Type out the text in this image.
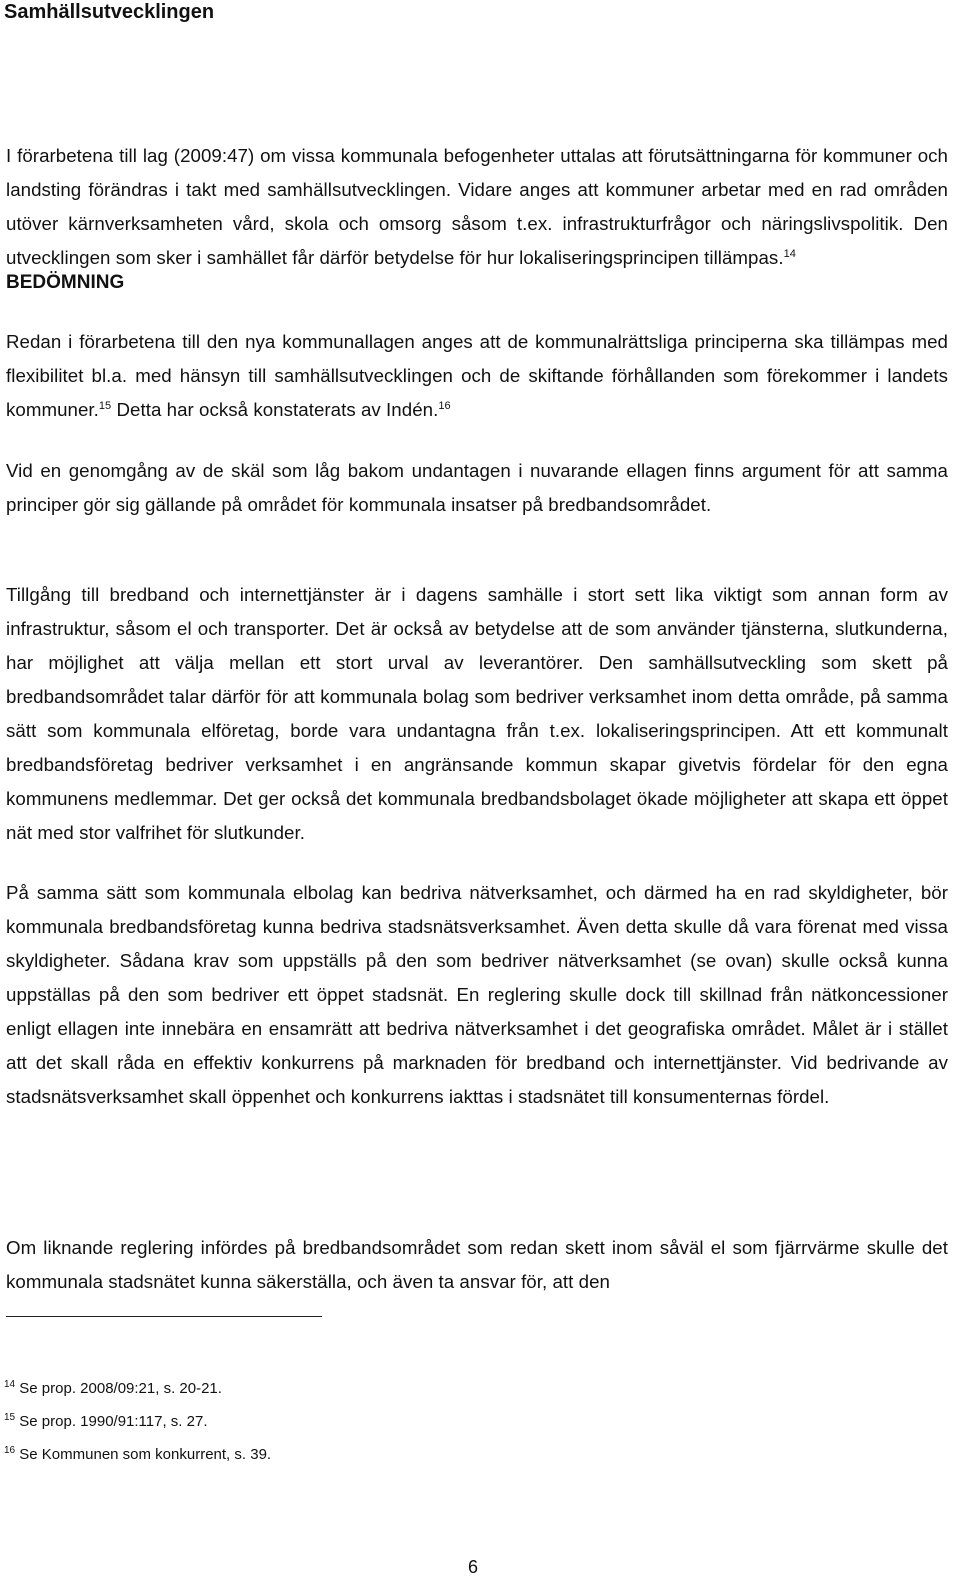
Samhällsutvecklingen

I förarbetena till lag (2009:47) om vissa kommunala befogenheter uttalas att förutsättningarna för kommuner och landsting förändras i takt med samhällsutvecklingen. Vidare anges att kommuner arbetar med en rad områden utöver kärnverksamheten vård, skola och omsorg såsom t.ex. infrastrukturfrågor och näringslivspolitik. Den utvecklingen som sker i samhället får därför betydelse för hur lokaliseringsprincipen tillämpas.$^{14}$

BEDÖMNING

Redan i förarbetena till den nya kommunallagen anges att de kommunalrättsliga principerna ska tillämpas med flexibilitet bl.a. med hänsyn till samhällsutvecklingen och de skiftande förhållanden som förekommer i landets kommuner.$^{15}$ Detta har också konstaterats av Indén.$^{16}$

Vid en genomgång av de skäl som låg bakom undantagen i nuvarande ellagen finns argument för att samma principer gör sig gällande på området för kommunala insatser på bredbandsområdet.

Tillgång till bredband och internettjänster är i dagens samhälle i stort sett lika viktigt som annan form av infrastruktur, såsom el och transporter. Det är också av betydelse att de som använder tjänsterna, slutkunderna, har möjlighet att välja mellan ett stort urval av leverantörer. Den samhällsutveckling som skett på bredbandsområdet talar därför för att kommunala bolag som bedriver verksamhet inom detta område, på samma sätt som kommunala elföretag, borde vara undantagna från t.ex. lokaliseringsprincipen. Att ett kommunalt bredbandsföretag bedriver verksamhet i en angränsande kommun skapar givetvis fördelar för den egna kommunens medlemmar. Det ger också det kommunala bredbandsbolaget ökade möjligheter att skapa ett öppet nät med stor valfrihet för slutkunder.

På samma sätt som kommunala elbolag kan bedriva nätverksamhet, och därmed ha en rad skyldigheter, bör kommunala bredbandsföretag kunna bedriva stadsnätsverksamhet. Även detta skulle då vara förenat med vissa skyldigheter. Sådana krav som uppställs på den som bedriver nätverksamhet (se ovan) skulle också kunna uppställas på den som bedriver ett öppet stadsnät. En reglering skulle dock till skillnad från nätkoncessioner enligt ellagen inte innebära en ensamrätt att bedriva nätverksamhet i det geografiska området. Målet är i stället att det skall råda en effektiv konkurrens på marknaden för bredband och internettjänster. Vid bedrivande av stadsnätsverksamhet skall öppenhet och konkurrens iakttas i stadsnätet till konsumenternas fördel.

Om liknande reglering infördes på bredbandsområdet som redan skett inom såväl el som fjärrvärme skulle det kommunala stadsnätet kunna säkerställa, och även ta ansvar för, att den

$^{14}$ Se prop. 2008/09:21, s. 20-21.

$^{15}$ Se prop. 1990/91:117, s. 27.

$^{16}$ Se Kommunen som konkurrent, s. 39.

6
